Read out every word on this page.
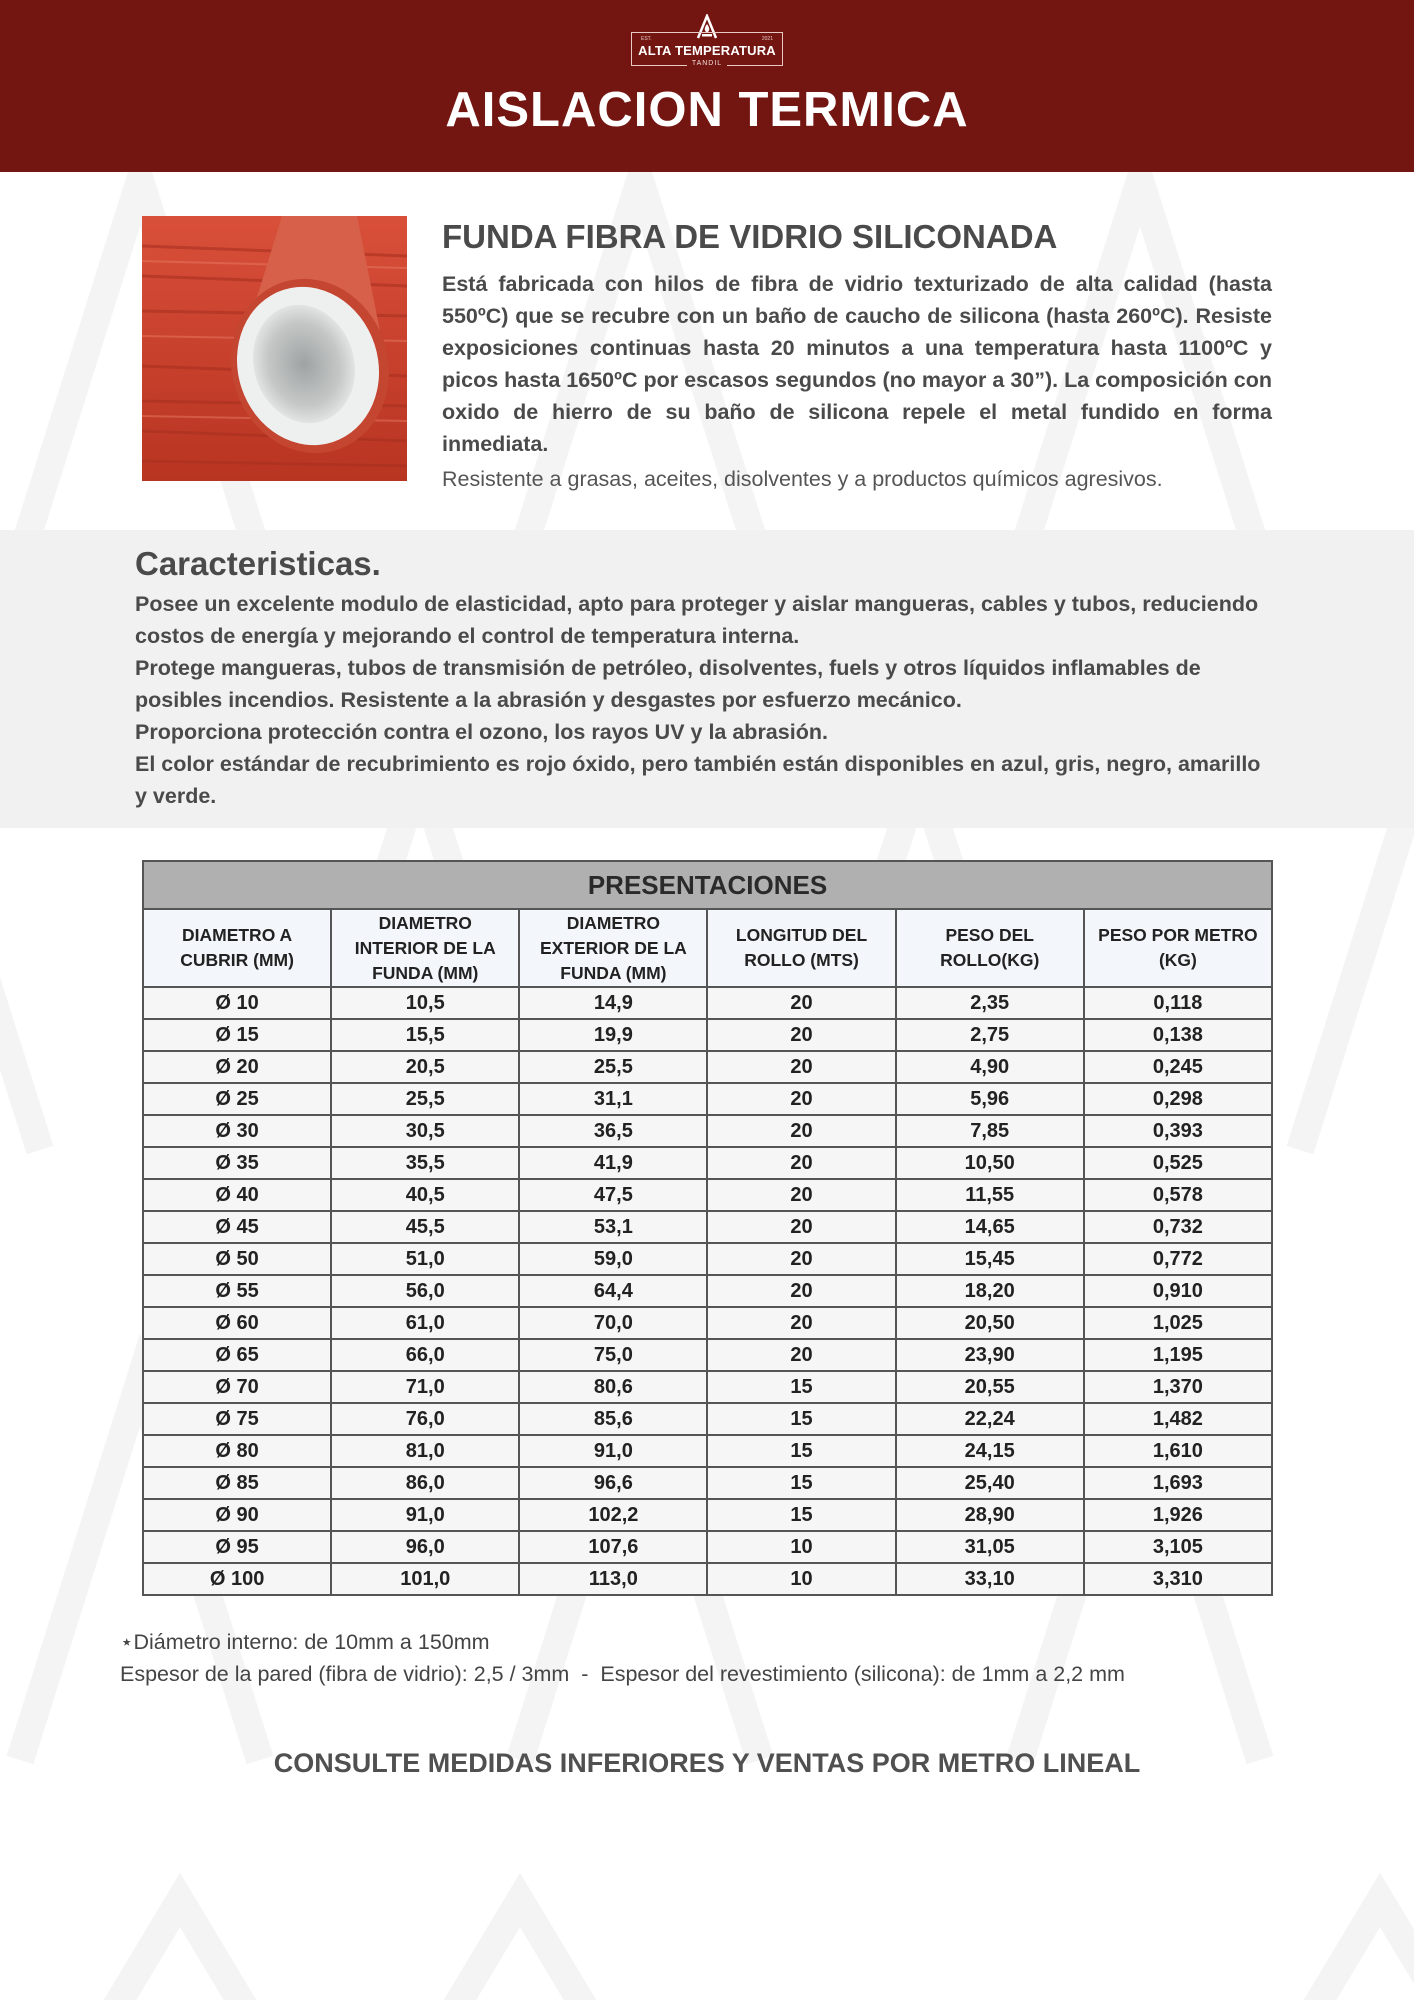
EST.	2021
ALTA TEMPERATURA
TANDIL
AISLACION TERMICA
FUNDA FIBRA DE VIDRIO SILICONADA

Está fabricada con hilos de fibra de vidrio texturizado de alta calidad (hasta 550ºC) que se recubre con un baño de caucho de silicona (hasta 260ºC). Resiste exposiciones continuas hasta 20 minutos a una temperatura hasta 1100ºC y picos hasta 1650ºC por escasos segundos (no mayor a 30”). La composición con oxido de hierro de su baño de silicona repele el metal fundido en forma inmediata.

Resistente a grasas, aceites, disolventes y a productos químicos agresivos.

Caracteristicas.

Posee un excelente modulo de elasticidad, apto para proteger y aislar mangueras, cables y tubos, reduciendo costos de energía y mejorando el control de temperatura interna.

Protege mangueras, tubos de transmisión de petróleo, disolventes, fuels y otros líquidos inflamables de posibles incendios. Resistente a la abrasión y desgastes por esfuerzo mecánico.

Proporciona protección contra el ozono, los rayos UV y la abrasión.

El color estándar de recubrimiento es rojo óxido, pero también están disponibles en azul, gris, negro, amarillo y verde.

PRESENTACIONES					
DIAMETRO A CUBRIR (MM)	DIAMETRO INTERIOR DE LA FUNDA (MM)	DIAMETRO EXTERIOR DE LA FUNDA (MM)	LONGITUD DEL ROLLO (MTS)	PESO DEL ROLLO(KG)	PESO POR METRO (KG)
Ø 10	10,5	14,9	20	2,35	0,118
Ø 15	15,5	19,9	20	2,75	0,138
Ø 20	20,5	25,5	20	4,90	0,245
Ø 25	25,5	31,1	20	5,96	0,298
Ø 30	30,5	36,5	20	7,85	0,393
Ø 35	35,5	41,9	20	10,50	0,525
Ø 40	40,5	47,5	20	11,55	0,578
Ø 45	45,5	53,1	20	14,65	0,732
Ø 50	51,0	59,0	20	15,45	0,772
Ø 55	56,0	64,4	20	18,20	0,910
Ø 60	61,0	70,0	20	20,50	1,025
Ø 65	66,0	75,0	20	23,90	1,195
Ø 70	71,0	80,6	15	20,55	1,370
Ø 75	76,0	85,6	15	22,24	1,482
Ø 80	81,0	91,0	15	24,15	1,610
Ø 85	86,0	96,6	15	25,40	1,693
Ø 90	91,0	102,2	15	28,90	1,926
Ø 95	96,0	107,6	10	31,05	3,105
Ø 100	101,0	113,0	10	33,10	3,310

⋆Diámetro interno: de 10mm a 150mm

Espesor de la pared (fibra de vidrio): 2,5 / 3mm  -  Espesor del revestimiento (silicona): de 1mm a 2,2 mm

CONSULTE MEDIDAS INFERIORES Y VENTAS POR METRO LINEAL
